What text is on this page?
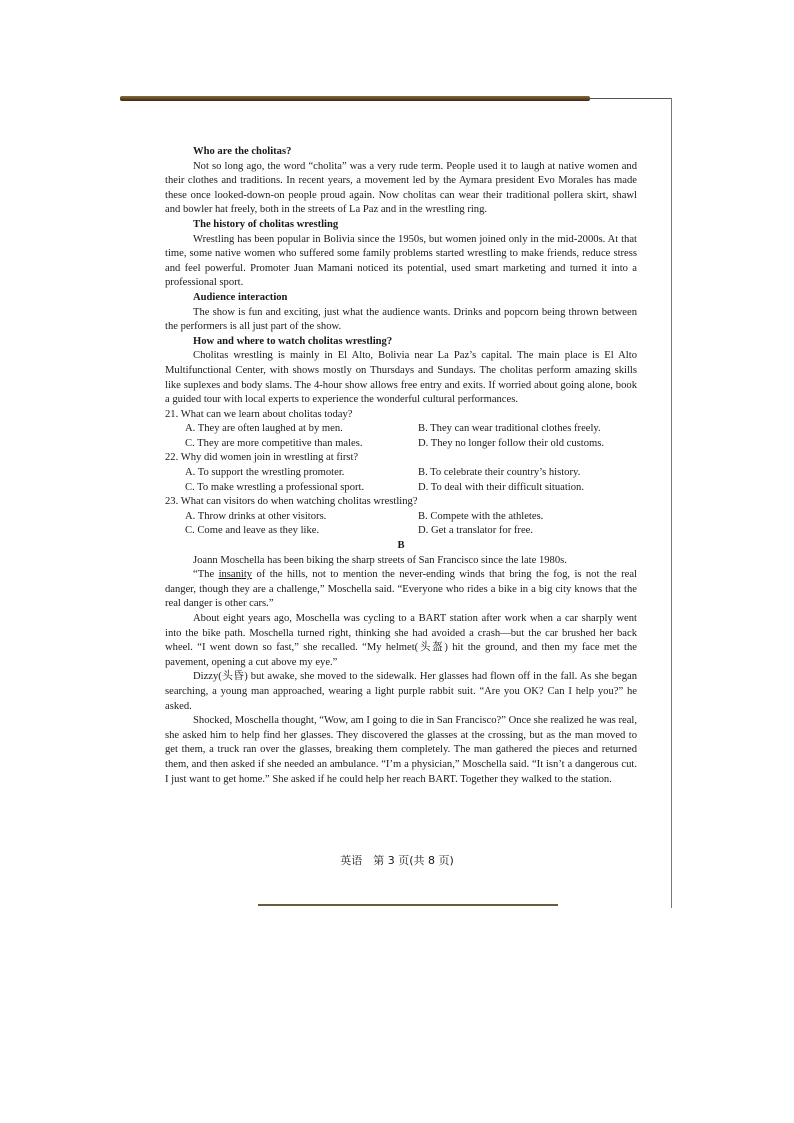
Who are the cholitas?

Not so long ago, the word “cholita” was a very rude term. People used it to laugh at native women and their clothes and traditions. In recent years, a movement led by the Aymara president Evo Morales has made these once looked-down-on people proud again. Now cholitas can wear their traditional pollera skirt, shawl and bowler hat freely, both in the streets of La Paz and in the wrestling ring.

The history of cholitas wrestling

Wrestling has been popular in Bolivia since the 1950s, but women joined only in the mid-2000s. At that time, some native women who suffered some family problems started wrestling to make friends, reduce stress and feel powerful. Promoter Juan Mamani noticed its potential, used smart marketing and turned it into a professional sport.

Audience interaction

The show is fun and exciting, just what the audience wants. Drinks and popcorn being thrown between the performers is all just part of the show.

How and where to watch cholitas wrestling?

Cholitas wrestling is mainly in El Alto, Bolivia near La Paz’s capital. The main place is El Alto Multifunctional Center, with shows mostly on Thursdays and Sundays. The cholitas perform amazing skills like suplexes and body slams. The 4-hour show allows free entry and exits. If worried about going alone, book a guided tour with local experts to experience the wonderful cultural performances.

21. What can we learn about cholitas today?

A. They are often laughed at by men.	B. They can wear traditional clothes freely.
C. They are more competitive than males.	D. They no longer follow their old customs.

22. Why did women join in wrestling at first?

A. To support the wrestling promoter.	B. To celebrate their country’s history.
C. To make wrestling a professional sport.	D. To deal with their difficult situation.

23. What can visitors do when watching cholitas wrestling?

A. Throw drinks at other visitors.	B. Compete with the athletes.
C. Come and leave as they like.	D. Get a translator for free.

B

Joann Moschella has been biking the sharp streets of San Francisco since the late 1980s.

“The insanity of the hills, not to mention the never-ending winds that bring the fog, is not the real danger, though they are a challenge,” Moschella said. “Everyone who rides a bike in a big city knows that the real danger is other cars.”

About eight years ago, Moschella was cycling to a BART station after work when a car sharply went into the bike path. Moschella turned right, thinking she had avoided a crash—but the car brushed her back wheel. “I went down so fast,” she recalled. “My helmet(头盔) hit the ground, and then my face met the pavement, opening a cut above my eye.”

Dizzy(头昏) but awake, she moved to the sidewalk. Her glasses had flown off in the fall. As she began searching, a young man approached, wearing a light purple rabbit suit. “Are you OK? Can I help you?” he asked.

Shocked, Moschella thought, “Wow, am I going to die in San Francisco?” Once she realized he was real, she asked him to help find her glasses. They discovered the glasses at the crossing, but as the man moved to get them, a truck ran over the glasses, breaking them completely. The man gathered the pieces and returned them, and then asked if she needed an ambulance. “I’m a physician,” Moschella said. “It isn’t a dangerous cut. I just want to get home.” She asked if he could help her reach BART. Together they walked to the station.

英语　第 3 页(共 8 页)
